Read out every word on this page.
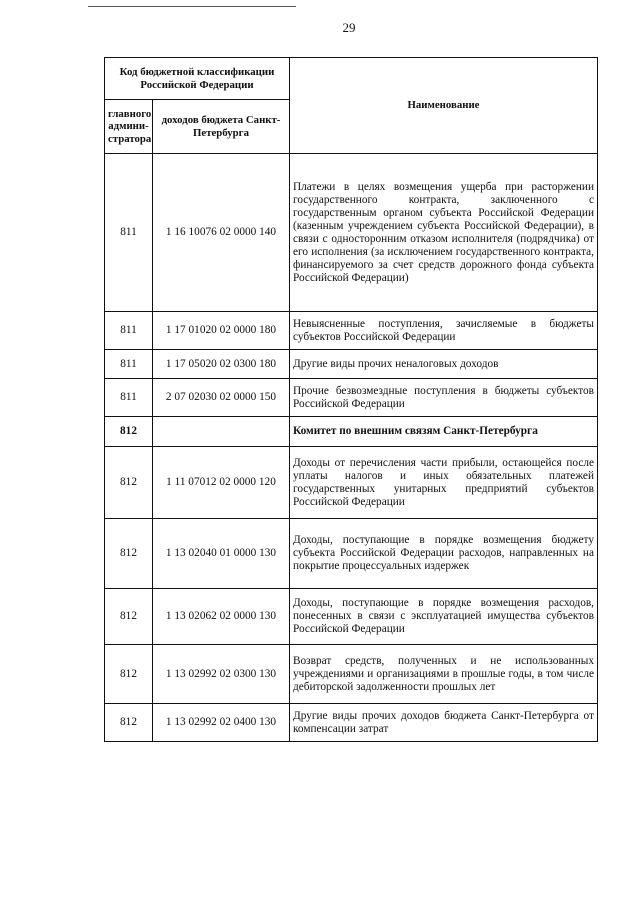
29
Код бюджетной классификации Российской Федерации		Наименование
главного админи-стратора	доходов бюджета Санкт-Петербурга	
811	1 16 10076 02 0000 140	Платежи в целях возмещения ущерба при расторжении государственного контракта, заключенного с государственным органом субъекта Российской Федерации (казенным учреждением субъекта Российской Федерации), в связи с односторонним отказом исполнителя (подрядчика) от его исполнения (за исключением государственного контракта, финансируемого за счет средств дорожного фонда субъекта Российской Федерации)
811	1 17 01020 02 0000 180	Невыясненные поступления, зачисляемые в бюджеты субъектов Российской Федерации
811	1 17 05020 02 0300 180	Другие виды прочих неналоговых доходов
811	2 07 02030 02 0000 150	Прочие безвозмездные поступления в бюджеты субъектов Российской Федерации
812		Комитет по внешним связям Санкт-Петербурга
812	1 11 07012 02 0000 120	Доходы от перечисления части прибыли, остающейся после уплаты налогов и иных обязательных платежей государственных унитарных предприятий субъектов Российской Федерации
812	1 13 02040 01 0000 130	Доходы, поступающие в порядке возмещения бюджету субъекта Российской Федерации расходов, направленных на покрытие процессуальных издержек
812	1 13 02062 02 0000 130	Доходы, поступающие в порядке возмещения расходов, понесенных в связи с эксплуатацией имущества субъектов Российской Федерации
812	1 13 02992 02 0300 130	Возврат средств, полученных и не использованных учреждениями и организациями в прошлые годы, в том числе дебиторской задолженности прошлых лет
812	1 13 02992 02 0400 130	Другие виды прочих доходов бюджета Санкт-Петербурга от компенсации затрат
